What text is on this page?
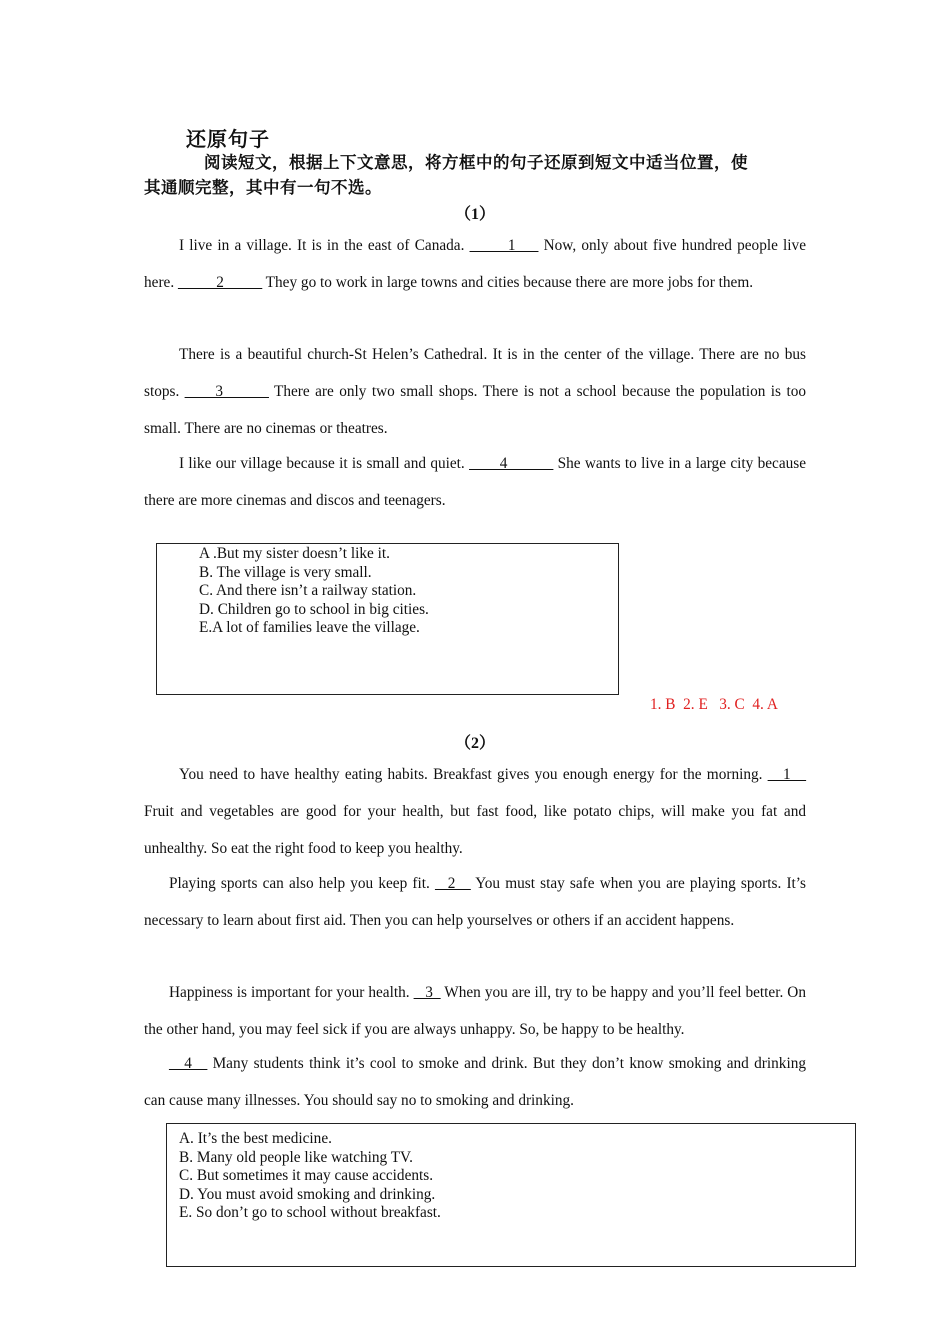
还原句子
阅读短文，根据上下文意思，将方框中的句子还原到短文中适当位置，使
其通顺完整，其中有一句不选。
（1）

I live in a village. It is in the east of Canada. _____1___ Now, only about five hundred people live here. _____2_____ They go to work in large towns and cities because there are more jobs for them.

There is a beautiful church-St Helen’s Cathedral. It is in the center of the village. There are no bus stops. ____3______ There are only two small shops. There is not a school because the population is too small. There are no cinemas or theatres.

I like our village because it is small and quiet. ____4______ She wants to live in a large city because there are more cinemas and discos and teenagers.

A .But my sister doesn’t like it.
B. The village is very small.
C. And there isn’t a railway station.
D. Children go to school in big cities.
E.A lot of families leave the village.
1. B  2. E   3. C  4. A
（2）

You need to have healthy eating habits. Breakfast gives you enough energy for the morning. __1__ Fruit and vegetables are good for your health, but fast food, like potato chips, will make you fat and unhealthy. So eat the right food to keep you healthy.

Playing sports can also help you keep fit.  _2__ You must stay safe when you are playing sports. It’s necessary to learn about first aid. Then you can help yourselves or others if an accident happens.

Happiness is important for your health.  _3_ When you are ill, try to be happy and you’ll feel better. On the other hand, you may feel sick if you are always unhappy. So, be happy to be healthy.

__4__ Many students think it’s cool to smoke and drink. But they don’t know smoking and drinking can cause many illnesses. You should say no to smoking and drinking.

A. It’s the best medicine.
B. Many old people like watching TV.
C. But sometimes it may cause accidents.
D. You must avoid smoking and drinking.
E. So don’t go to school without breakfast.
